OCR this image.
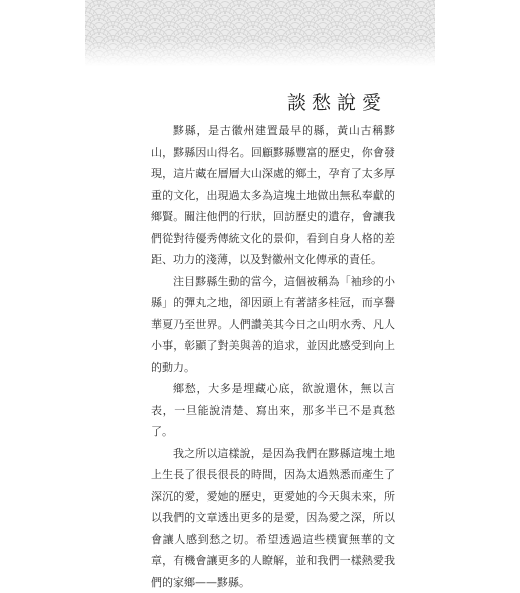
談愁說愛

黟縣，是古徽州建置最早的縣，黃山古稱黟山，黟縣因山得名。回顧黟縣豐富的歷史，你會發現，這片藏在層層大山深處的鄉土，孕育了太多厚重的文化，出現過太多為這塊土地做出無私奉獻的鄉賢。關注他們的行狀，回訪歷史的遺存，會讓我們從對待優秀傳統文化的景仰，看到自身人格的差距、功力的淺薄，以及對徽州文化傳承的責任。

注目黟縣生動的當今，這個被稱為「袖珍的小縣」的彈丸之地，卻因頭上有著諸多桂冠，而享譽華夏乃至世界。人們讚美其今日之山明水秀、凡人小事，彰顯了對美與善的追求，並因此感受到向上的動力。

鄉愁，大多是埋藏心底，欲說還休，無以言表，一旦能說清楚、寫出來，那多半已不是真愁了。

我之所以這樣說，是因為我們在黟縣這塊土地上生長了很長很長的時間，因為太過熟悉而產生了深沉的愛，愛她的歷史，更愛她的今天與未來，所以我們的文章透出更多的是愛，因為愛之深，所以會讓人感到愁之切。希望透過這些樸實無華的文章，有機會讓更多的人瞭解，並和我們一樣熱愛我們的家鄉——黟縣。
